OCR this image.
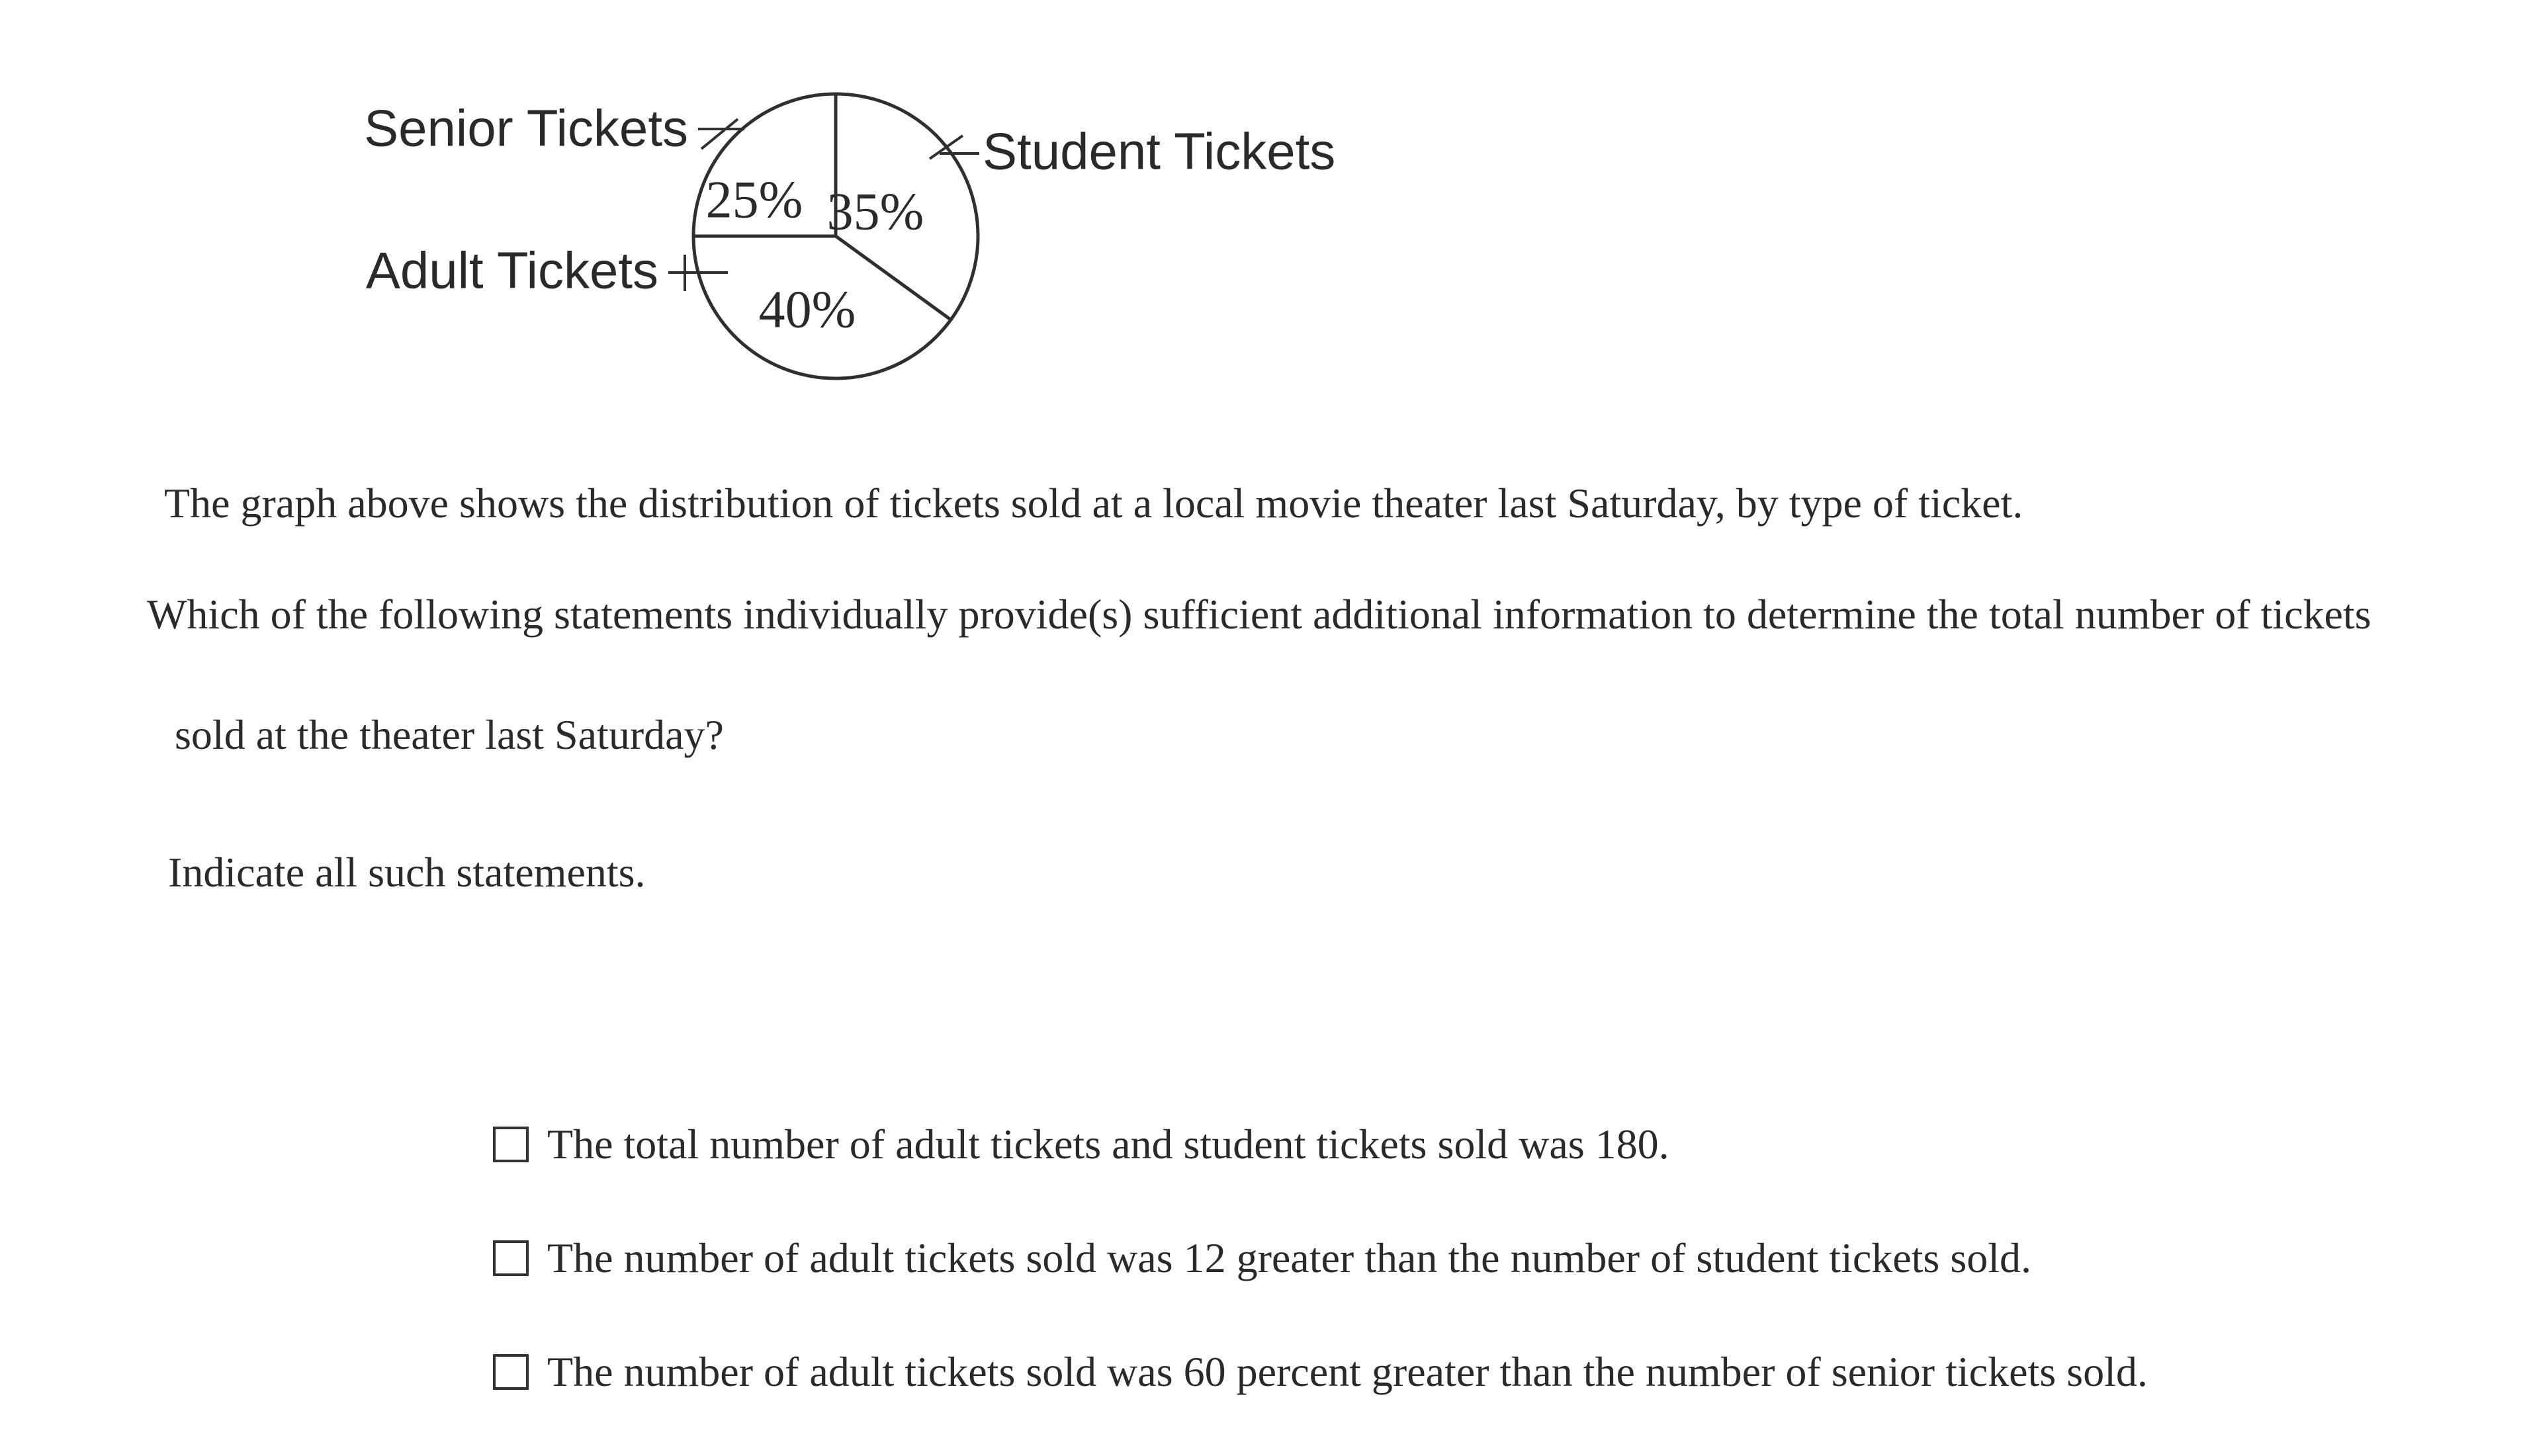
25% 35%
40%
Senior Tickets	Student Tickets
Adult Tickets

The graph above shows the distribution of tickets sold at a local movie theater last Saturday, by type of ticket.

Which of the following statements individually provide(s) sufficient additional information to determine the total number of tickets

sold at the theater last Saturday?

Indicate all such statements.

The total number of adult tickets and student tickets sold was 180.
The number of adult tickets sold was 12 greater than the number of student tickets sold.
The number of adult tickets sold was 60 percent greater than the number of senior tickets sold.
